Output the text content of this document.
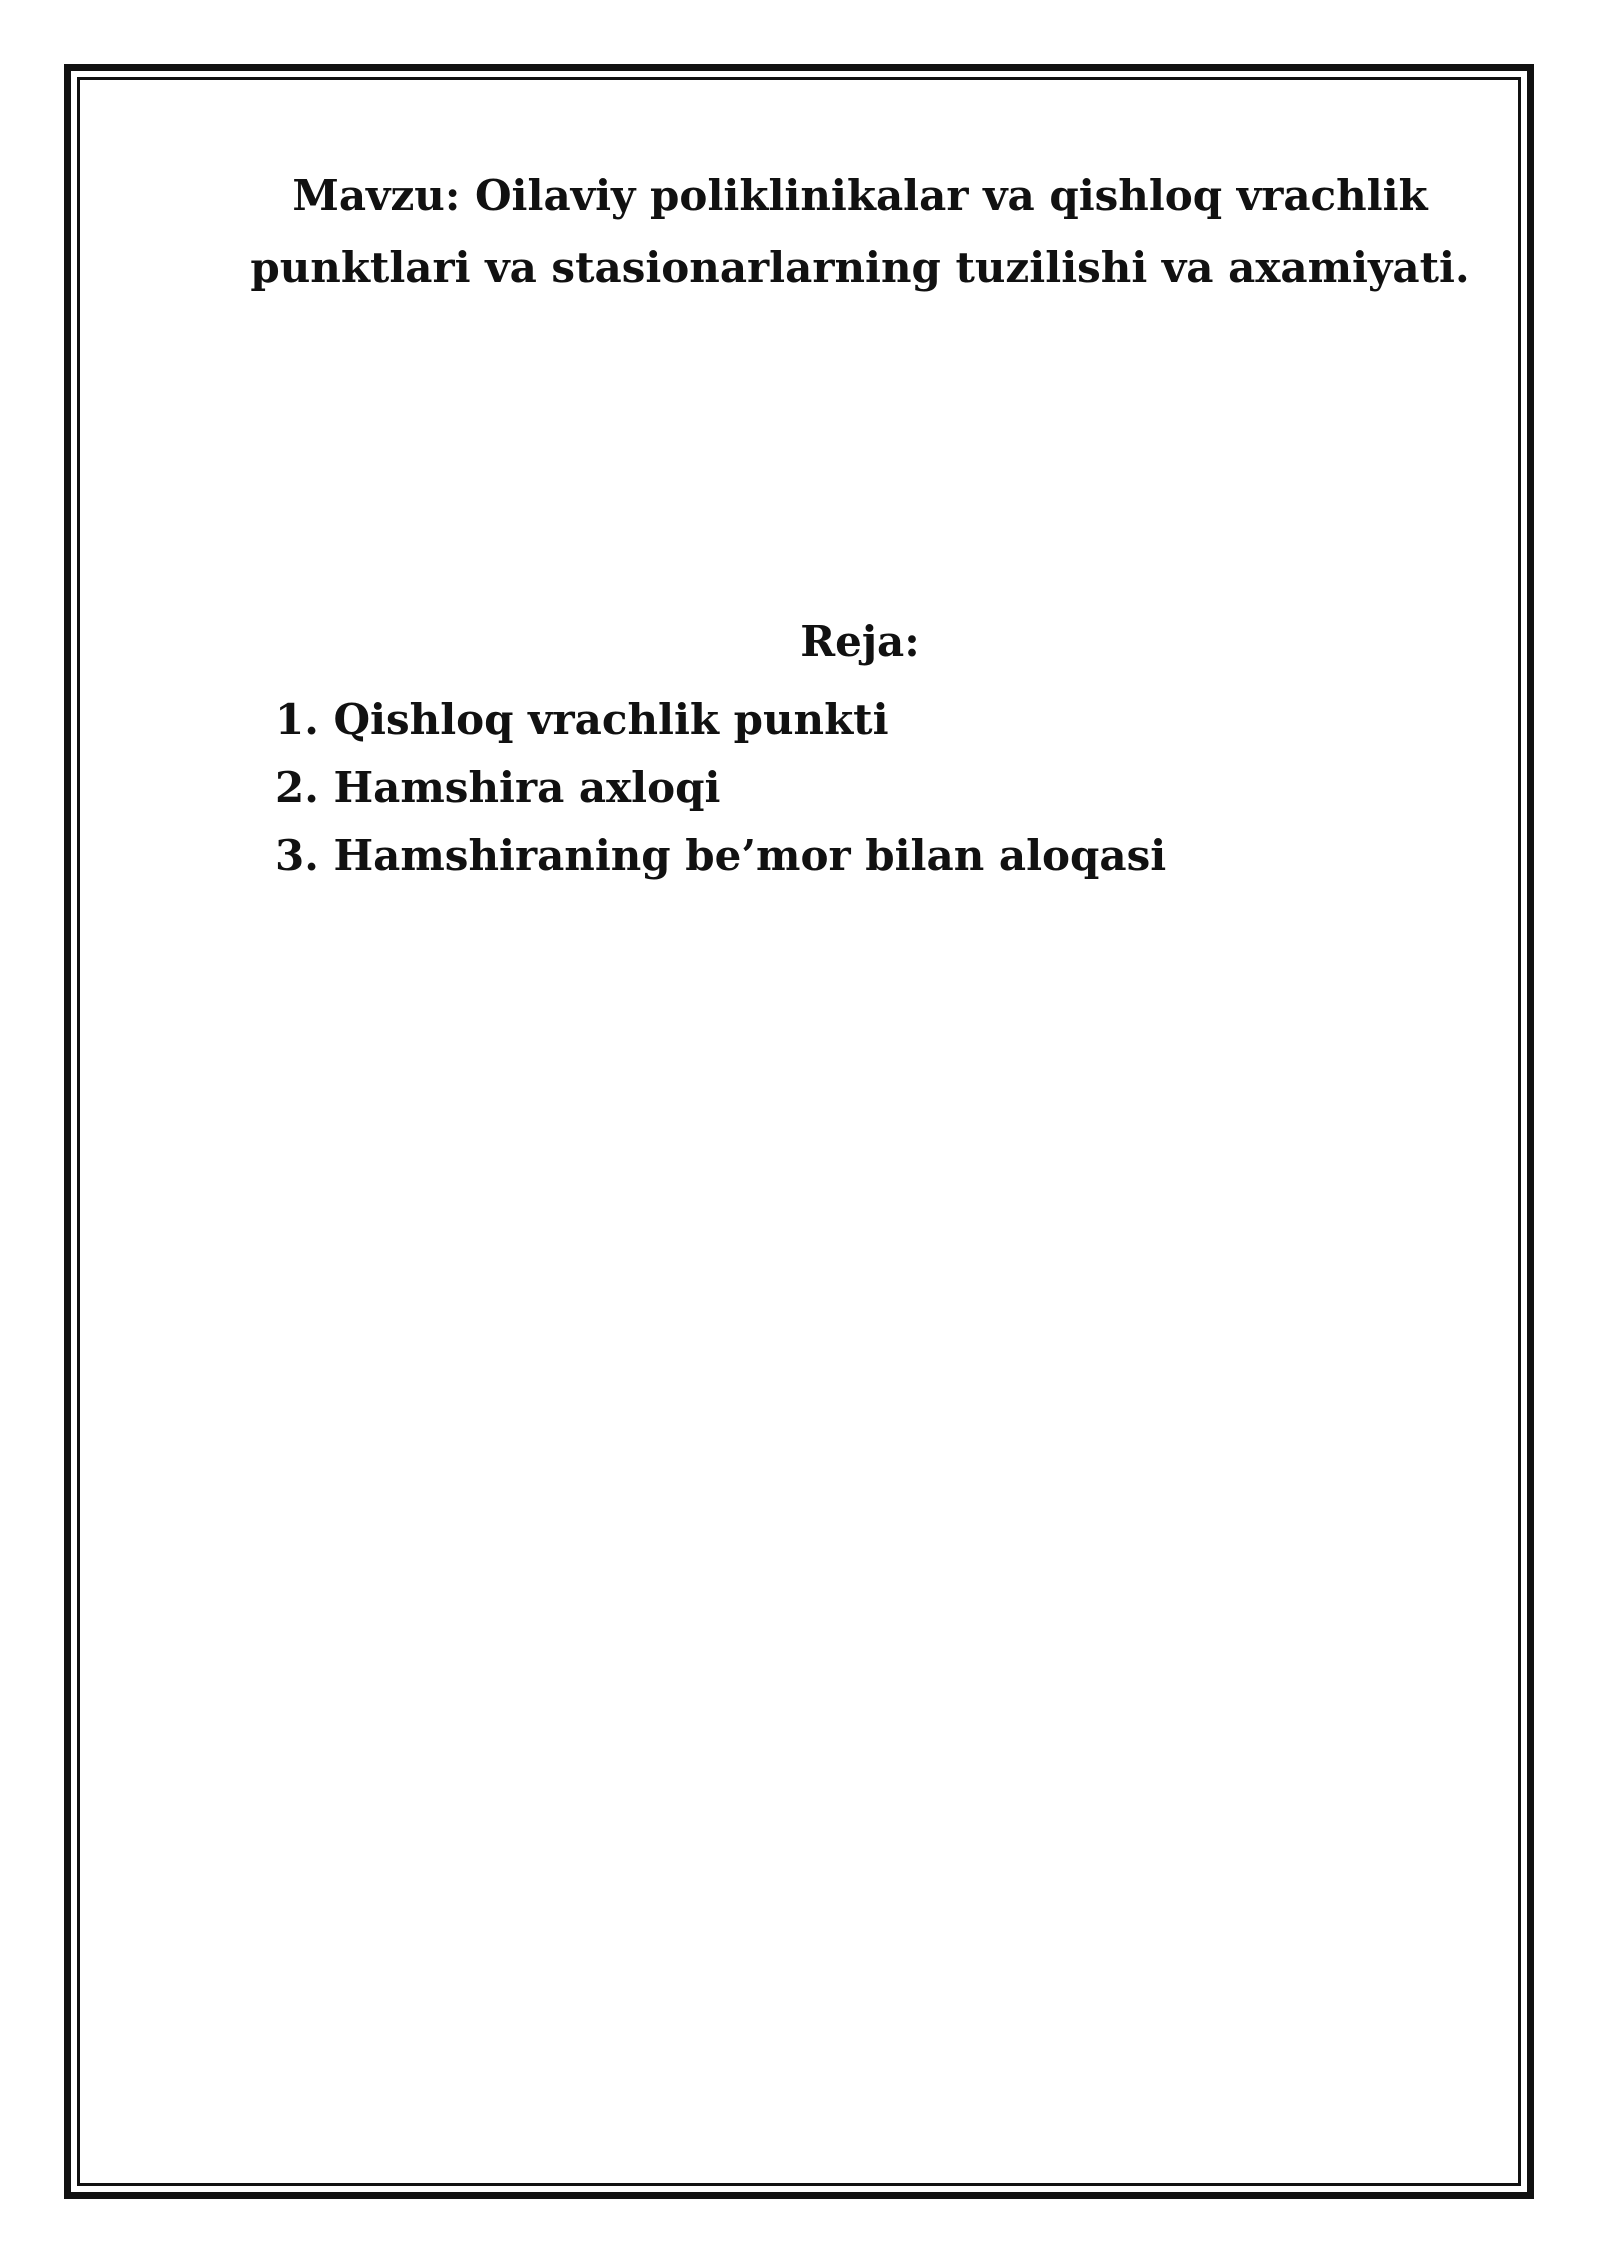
Mavzu: Oilaviy poliklinikalar va qishloq vrachlik
punktlari va stasionarlarning tuzilishi va axamiyati.
Reja:
1. Qishloq vrachlik punkti
2. Hamshira axloqi
3. Hamshiraning be’mor bilan aloqasi
